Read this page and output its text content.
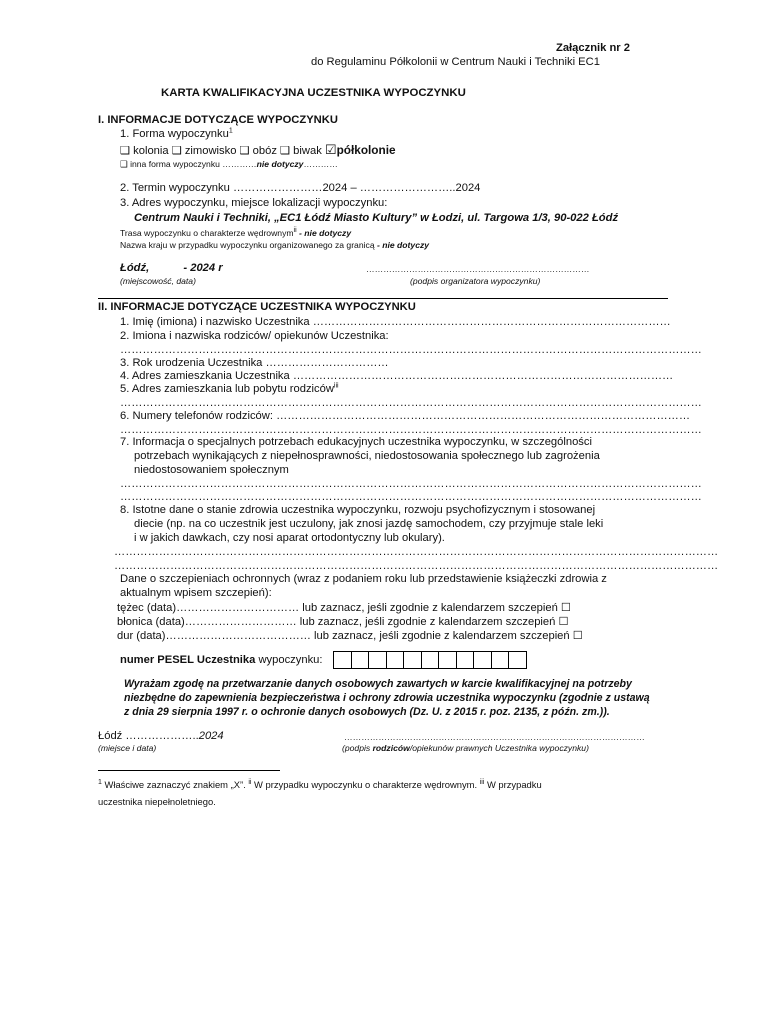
Załącznik nr 2
do Regulaminu Półkolonii w Centrum Nauki i Techniki EC1
KARTA KWALIFIKACYJNA UCZESTNIKA WYPOCZYNKU
I. INFORMACJE DOTYCZĄCE WYPOCZYNKU
1. Forma wypoczynku$^1$
❑ kolonia ❑ zimowisko ❑ obóz ❑ biwak ☑półkolonie
❑ inna forma wypoczynku …………nie dotyczy…………
2. Termin wypoczynku ……………………2024 – ……………………..2024
3. Adres wypoczynku, miejsce lokalizacji wypoczynku:
Centrum Nauki i Techniki, „EC1 Łódź Miasto Kultury” w Łodzi, ul. Targowa 1/3, 90-022 Łódź
Trasa wypoczynku o charakterze wędrownym$^{ii}$ - nie dotyczy
Nazwa kraju w przypadku wypoczynku organizowanego za granicą - nie dotyczy
Łódź,           - 2024 r	……………………………………………………………………
(miejscowość, data)	(podpis organizatora wypoczynku)
II. INFORMACJE DOTYCZĄCE UCZESTNIKA WYPOCZYNKU
1. Imię (imiona) i nazwisko Uczestnika ……………………………………………………………………………………
2. Imiona i nazwiska rodziców/ opiekunów Uczestnika:
…………………………………………………………………………………………………………………………………………
3. Rok urodzenia Uczestnika ……………………………
4. Adres zamieszkania Uczestnika …………………………………………………………………………………………
5. Adres zamieszkania lub pobytu rodziców$^{iii}$
…………………………………………………………………………………………………………………………………………
6. Numery telefonów rodziców: …………………………………………………………………………………………………
…………………………………………………………………………………………………………………………………………
7. Informacja o specjalnych potrzebach edukacyjnych uczestnika wypoczynku, w szczególności
potrzebach wynikających z niepełnosprawności, niedostosowania społecznego lub zagrożenia
niedostosowaniem społecznym
…………………………………………………………………………………………………………………………………………
…………………………………………………………………………………………………………………………………………
8. Istotne dane o stanie zdrowia uczestnika wypoczynku, rozwoju psychofizycznym i stosowanej
diecie (np. na co uczestnik jest uczulony, jak znosi jazdę samochodem, czy przyjmuje stale leki
i w jakich dawkach, czy nosi aparat ortodontyczny lub okulary).
………………………………………………………………………………………………………………………………………………
………………………………………………………………………………………………………………………………………………
Dane o szczepieniach ochronnych (wraz z podaniem roku lub przedstawienie książeczki zdrowia z
aktualnym wpisem szczepień):
tężec (data)…………………………… lub zaznacz, jeśli zgodnie z kalendarzem szczepień ☐
błonica (data)………………………… lub zaznacz, jeśli zgodnie z kalendarzem szczepień ☐
dur (data)………………………………… lub zaznacz, jeśli zgodnie z kalendarzem szczepień ☐
numer PESEL Uczestnika wypoczynku:
Wyrażam zgodę na przetwarzanie danych osobowych zawartych w karcie kwalifikacyjnej na potrzeby
niezbędne do zapewnienia bezpieczeństwa i ochrony zdrowia uczestnika wypoczynku (zgodnie z ustawą
z dnia 29 sierpnia 1997 r. o ochronie danych osobowych (Dz. U. z 2015 r. poz. 2135, z późn. zm.)).
Łódź ………………..2024	……………………………………………………………………………………………
(miejsce i data)	(podpis rodziców/opiekunów prawnych Uczestnika wypoczynku)
$^1$ Właściwe zaznaczyć znakiem „X”. $^{ii}$ W przypadku wypoczynku o charakterze wędrownym. $^{iii}$ W przypadku
uczestnika niepełnoletniego.
